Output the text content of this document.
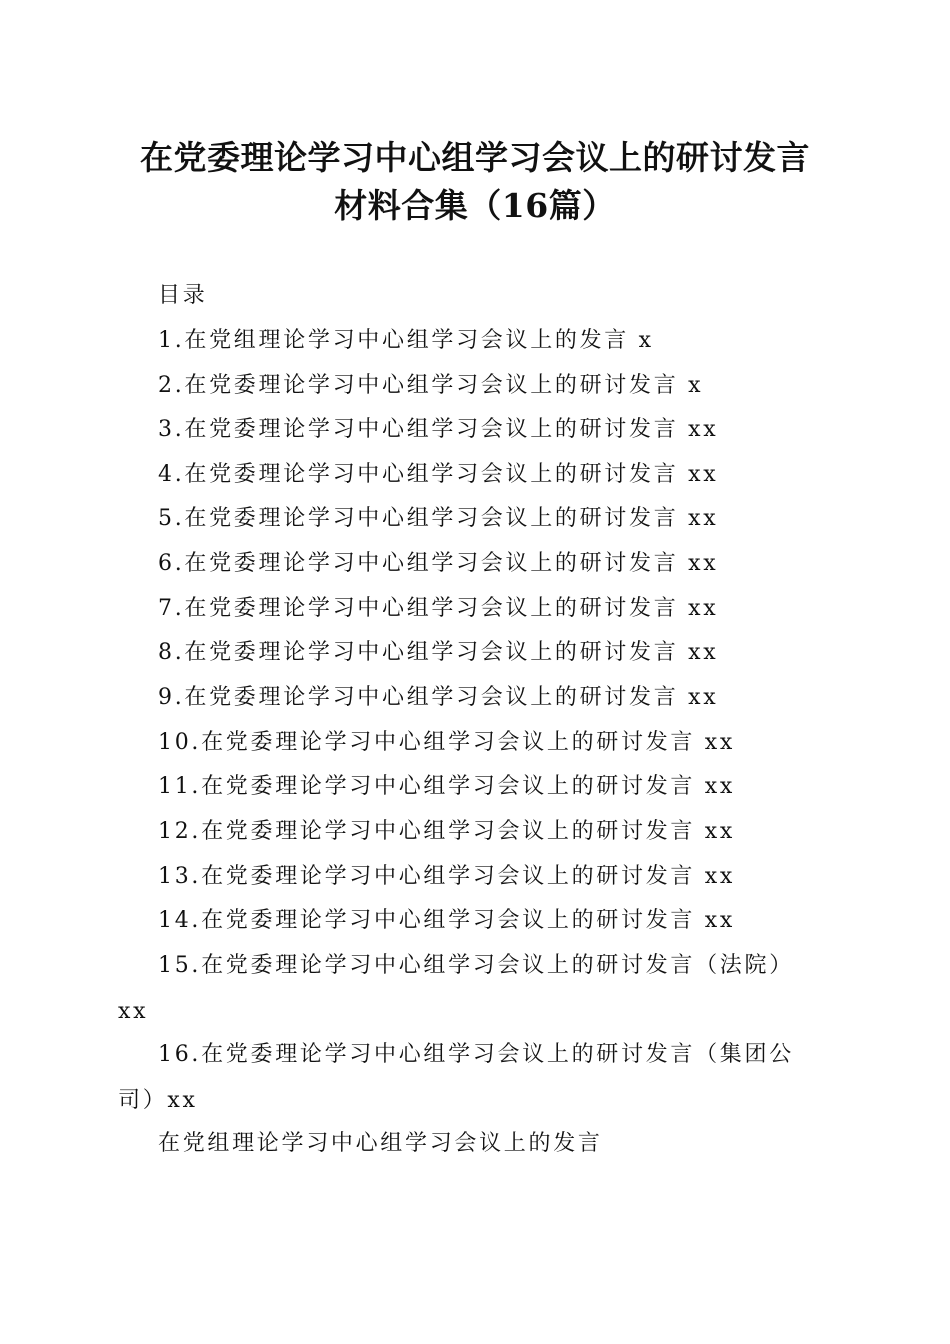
在党委理论学习中心组学习会议上的研讨发言
材料合集（16篇）
目录
1.在党组理论学习中心组学习会议上的发言 x
2.在党委理论学习中心组学习会议上的研讨发言 x
3.在党委理论学习中心组学习会议上的研讨发言 xx
4.在党委理论学习中心组学习会议上的研讨发言 xx
5.在党委理论学习中心组学习会议上的研讨发言 xx
6.在党委理论学习中心组学习会议上的研讨发言 xx
7.在党委理论学习中心组学习会议上的研讨发言 xx
8.在党委理论学习中心组学习会议上的研讨发言 xx
9.在党委理论学习中心组学习会议上的研讨发言 xx
10.在党委理论学习中心组学习会议上的研讨发言 xx
11.在党委理论学习中心组学习会议上的研讨发言 xx
12.在党委理论学习中心组学习会议上的研讨发言 xx
13.在党委理论学习中心组学习会议上的研讨发言 xx
14.在党委理论学习中心组学习会议上的研讨发言 xx
15.在党委理论学习中心组学习会议上的研讨发言（法院）
xx
16.在党委理论学习中心组学习会议上的研讨发言（集团公
司）xx
在党组理论学习中心组学习会议上的发言
